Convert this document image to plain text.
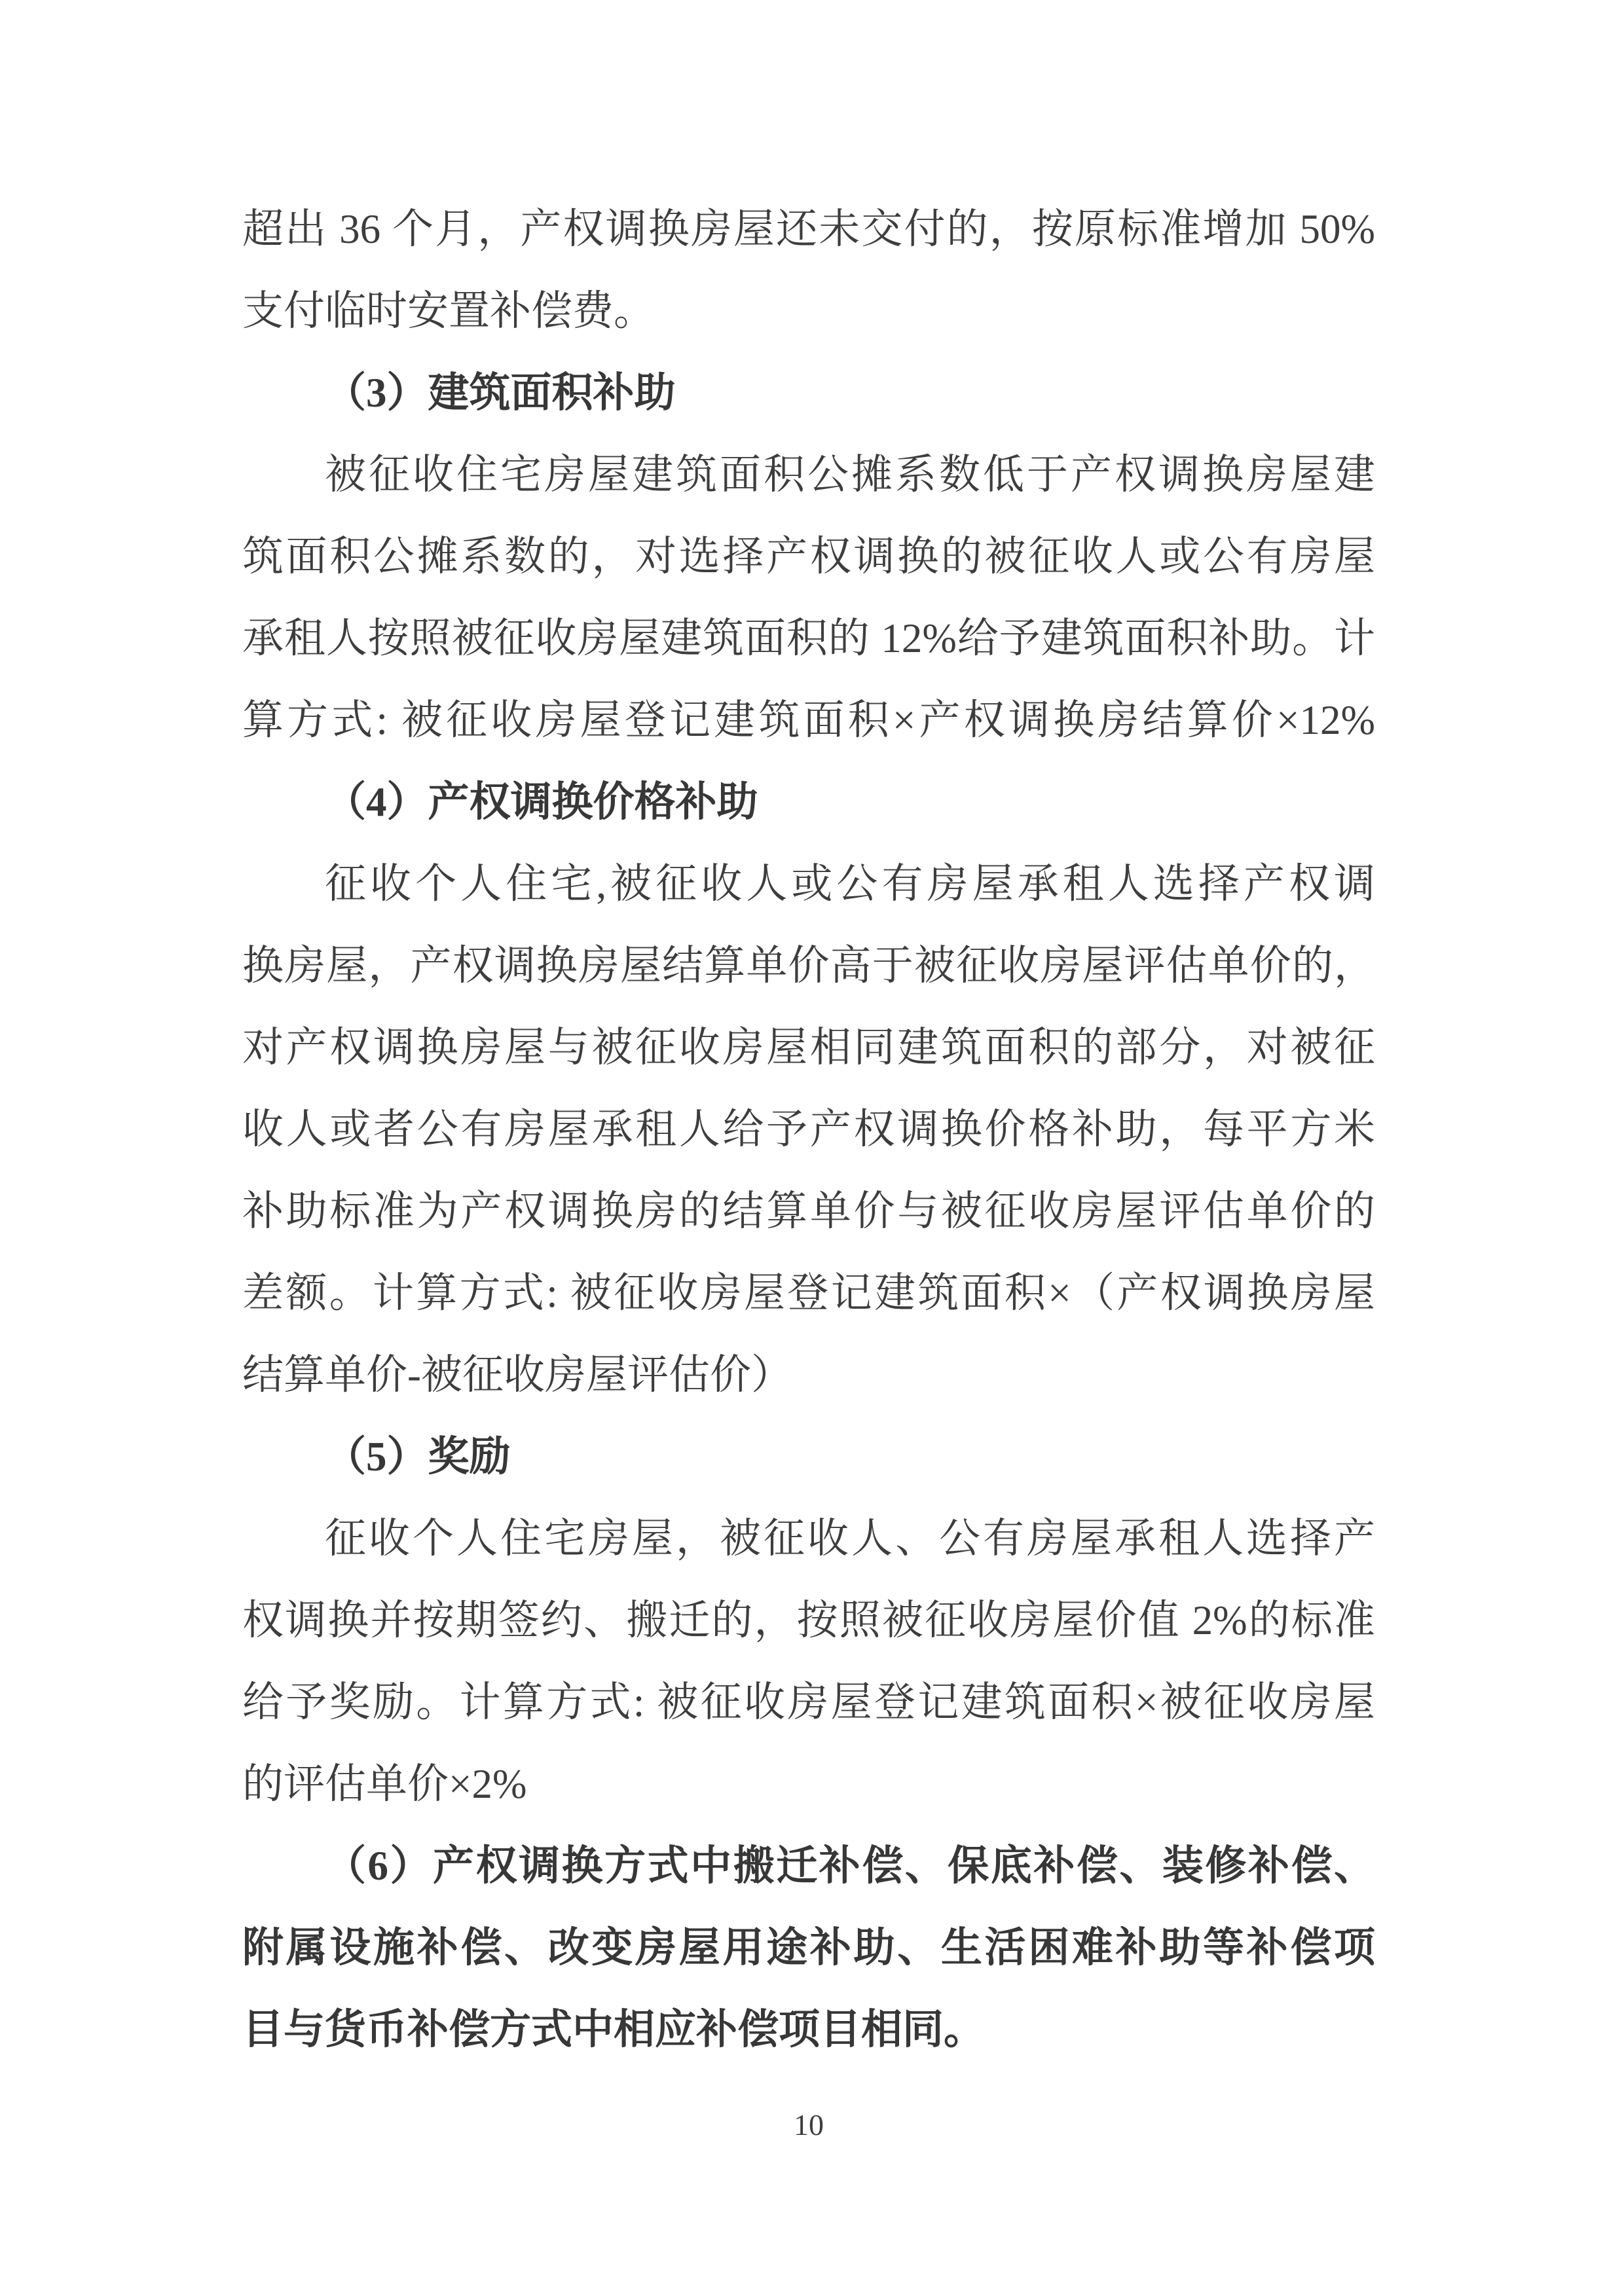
超出 36 个月，产权调换房屋还未交付的，按原标准增加 50%
支付临时安置补偿费。
（3）建筑面积补助
被征收住宅房屋建筑面积公摊系数低于产权调换房屋建
筑面积公摊系数的，对选择产权调换的被征收人或公有房屋
承租人按照被征收房屋建筑面积的 12%给予建筑面积补助。计
算方式: 被征收房屋登记建筑面积×产权调换房结算价×12%
（4）产权调换价格补助
征收个人住宅,被征收人或公有房屋承租人选择产权调
换房屋，产权调换房屋结算单价高于被征收房屋评估单价的，
对产权调换房屋与被征收房屋相同建筑面积的部分，对被征
收人或者公有房屋承租人给予产权调换价格补助，每平方米
补助标准为产权调换房的结算单价与被征收房屋评估单价的
差额。计算方式: 被征收房屋登记建筑面积×（产权调换房屋
结算单价-被征收房屋评估价）
（5）奖励
征收个人住宅房屋，被征收人、公有房屋承租人选择产
权调换并按期签约、搬迁的，按照被征收房屋价值 2%的标准
给予奖励。计算方式: 被征收房屋登记建筑面积×被征收房屋
的评估单价×2%
（6）产权调换方式中搬迁补偿、保底补偿、装修补偿、
附属设施补偿、改变房屋用途补助、生活困难补助等补偿项
目与货币补偿方式中相应补偿项目相同。
10
